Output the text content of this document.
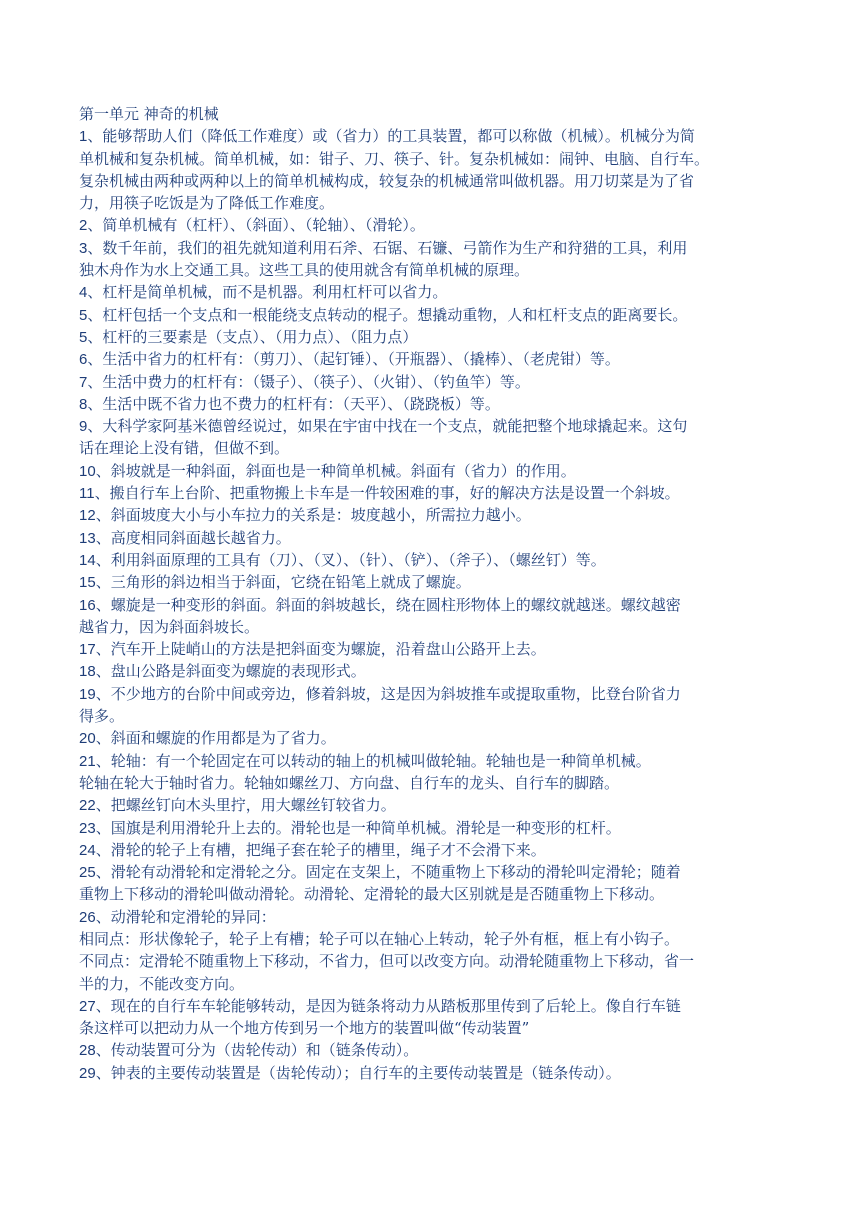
第一单元 神奇的机械
1、能够帮助人们（降低工作难度）或（省力）的工具装置，都可以称做（机械）。机械分为简
单机械和复杂机械。简单机械，如：钳子、刀、筷子、针。复杂机械如：闹钟、电脑、自行车。
复杂机械由两种或两种以上的简单机械构成，较复杂的机械通常叫做机器。用刀切菜是为了省
力，用筷子吃饭是为了降低工作难度。
2、简单机械有（杠杆）、（斜面）、（轮轴）、（滑轮）。
3、数千年前，我们的祖先就知道利用石斧、石锯、石镰、弓箭作为生产和狩猎的工具，利用
独木舟作为水上交通工具。这些工具的使用就含有简单机械的原理。
4、杠杆是简单机械，而不是机器。利用杠杆可以省力。
5、杠杆包括一个支点和一根能绕支点转动的棍子。想撬动重物，人和杠杆支点的距离要长。
5、杠杆的三要素是（支点）、（用力点）、（阻力点）
6、生活中省力的杠杆有：（剪刀）、（起钉锤）、（开瓶器）、（撬棒）、（老虎钳）等。
7、生活中费力的杠杆有：（镊子）、（筷子）、（火钳）、（钓鱼竿）等。
8、生活中既不省力也不费力的杠杆有：（天平）、（跷跷板）等。
9、大科学家阿基米德曾经说过，如果在宇宙中找在一个支点，就能把整个地球撬起来。这句
话在理论上没有错，但做不到。
10、斜坡就是一种斜面，斜面也是一种简单机械。斜面有（省力）的作用。
11、搬自行车上台阶、把重物搬上卡车是一件较困难的事，好的解决方法是设置一个斜坡。
12、斜面坡度大小与小车拉力的关系是：坡度越小，所需拉力越小。
13、高度相同斜面越长越省力。
14、利用斜面原理的工具有（刀）、（叉）、（针）、（铲）、（斧子）、（螺丝钉）等。
15、三角形的斜边相当于斜面，它绕在铅笔上就成了螺旋。
16、螺旋是一种变形的斜面。斜面的斜坡越长，绕在圆柱形物体上的螺纹就越迷。螺纹越密
越省力，因为斜面斜坡长。
17、汽车开上陡峭山的方法是把斜面变为螺旋，沿着盘山公路开上去。
18、盘山公路是斜面变为螺旋的表现形式。
19、不少地方的台阶中间或旁边，修着斜坡，这是因为斜坡推车或提取重物，比登台阶省力
得多。
20、斜面和螺旋的作用都是为了省力。
21、轮轴：有一个轮固定在可以转动的轴上的机械叫做轮轴。轮轴也是一种简单机械。
轮轴在轮大于轴时省力。轮轴如螺丝刀、方向盘、自行车的龙头、自行车的脚踏。
22、把螺丝钉向木头里拧，用大螺丝钉较省力。
23、国旗是利用滑轮升上去的。滑轮也是一种简单机械。滑轮是一种变形的杠杆。
24、滑轮的轮子上有槽，把绳子套在轮子的槽里，绳子才不会滑下来。
25、滑轮有动滑轮和定滑轮之分。固定在支架上，不随重物上下移动的滑轮叫定滑轮；随着
重物上下移动的滑轮叫做动滑轮。动滑轮、定滑轮的最大区别就是是否随重物上下移动。
26、动滑轮和定滑轮的异同：
相同点：形状像轮子，轮子上有槽；轮子可以在轴心上转动，轮子外有框，框上有小钩子。
不同点：定滑轮不随重物上下移动，不省力，但可以改变方向。动滑轮随重物上下移动，省一
半的力，不能改变方向。
27、现在的自行车车轮能够转动，是因为链条将动力从踏板那里传到了后轮上。像自行车链
条这样可以把动力从一个地方传到另一个地方的装置叫做“传动装置”
28、传动装置可分为（齿轮传动）和（链条传动）。
29、钟表的主要传动装置是（齿轮传动）；自行车的主要传动装置是（链条传动）。
